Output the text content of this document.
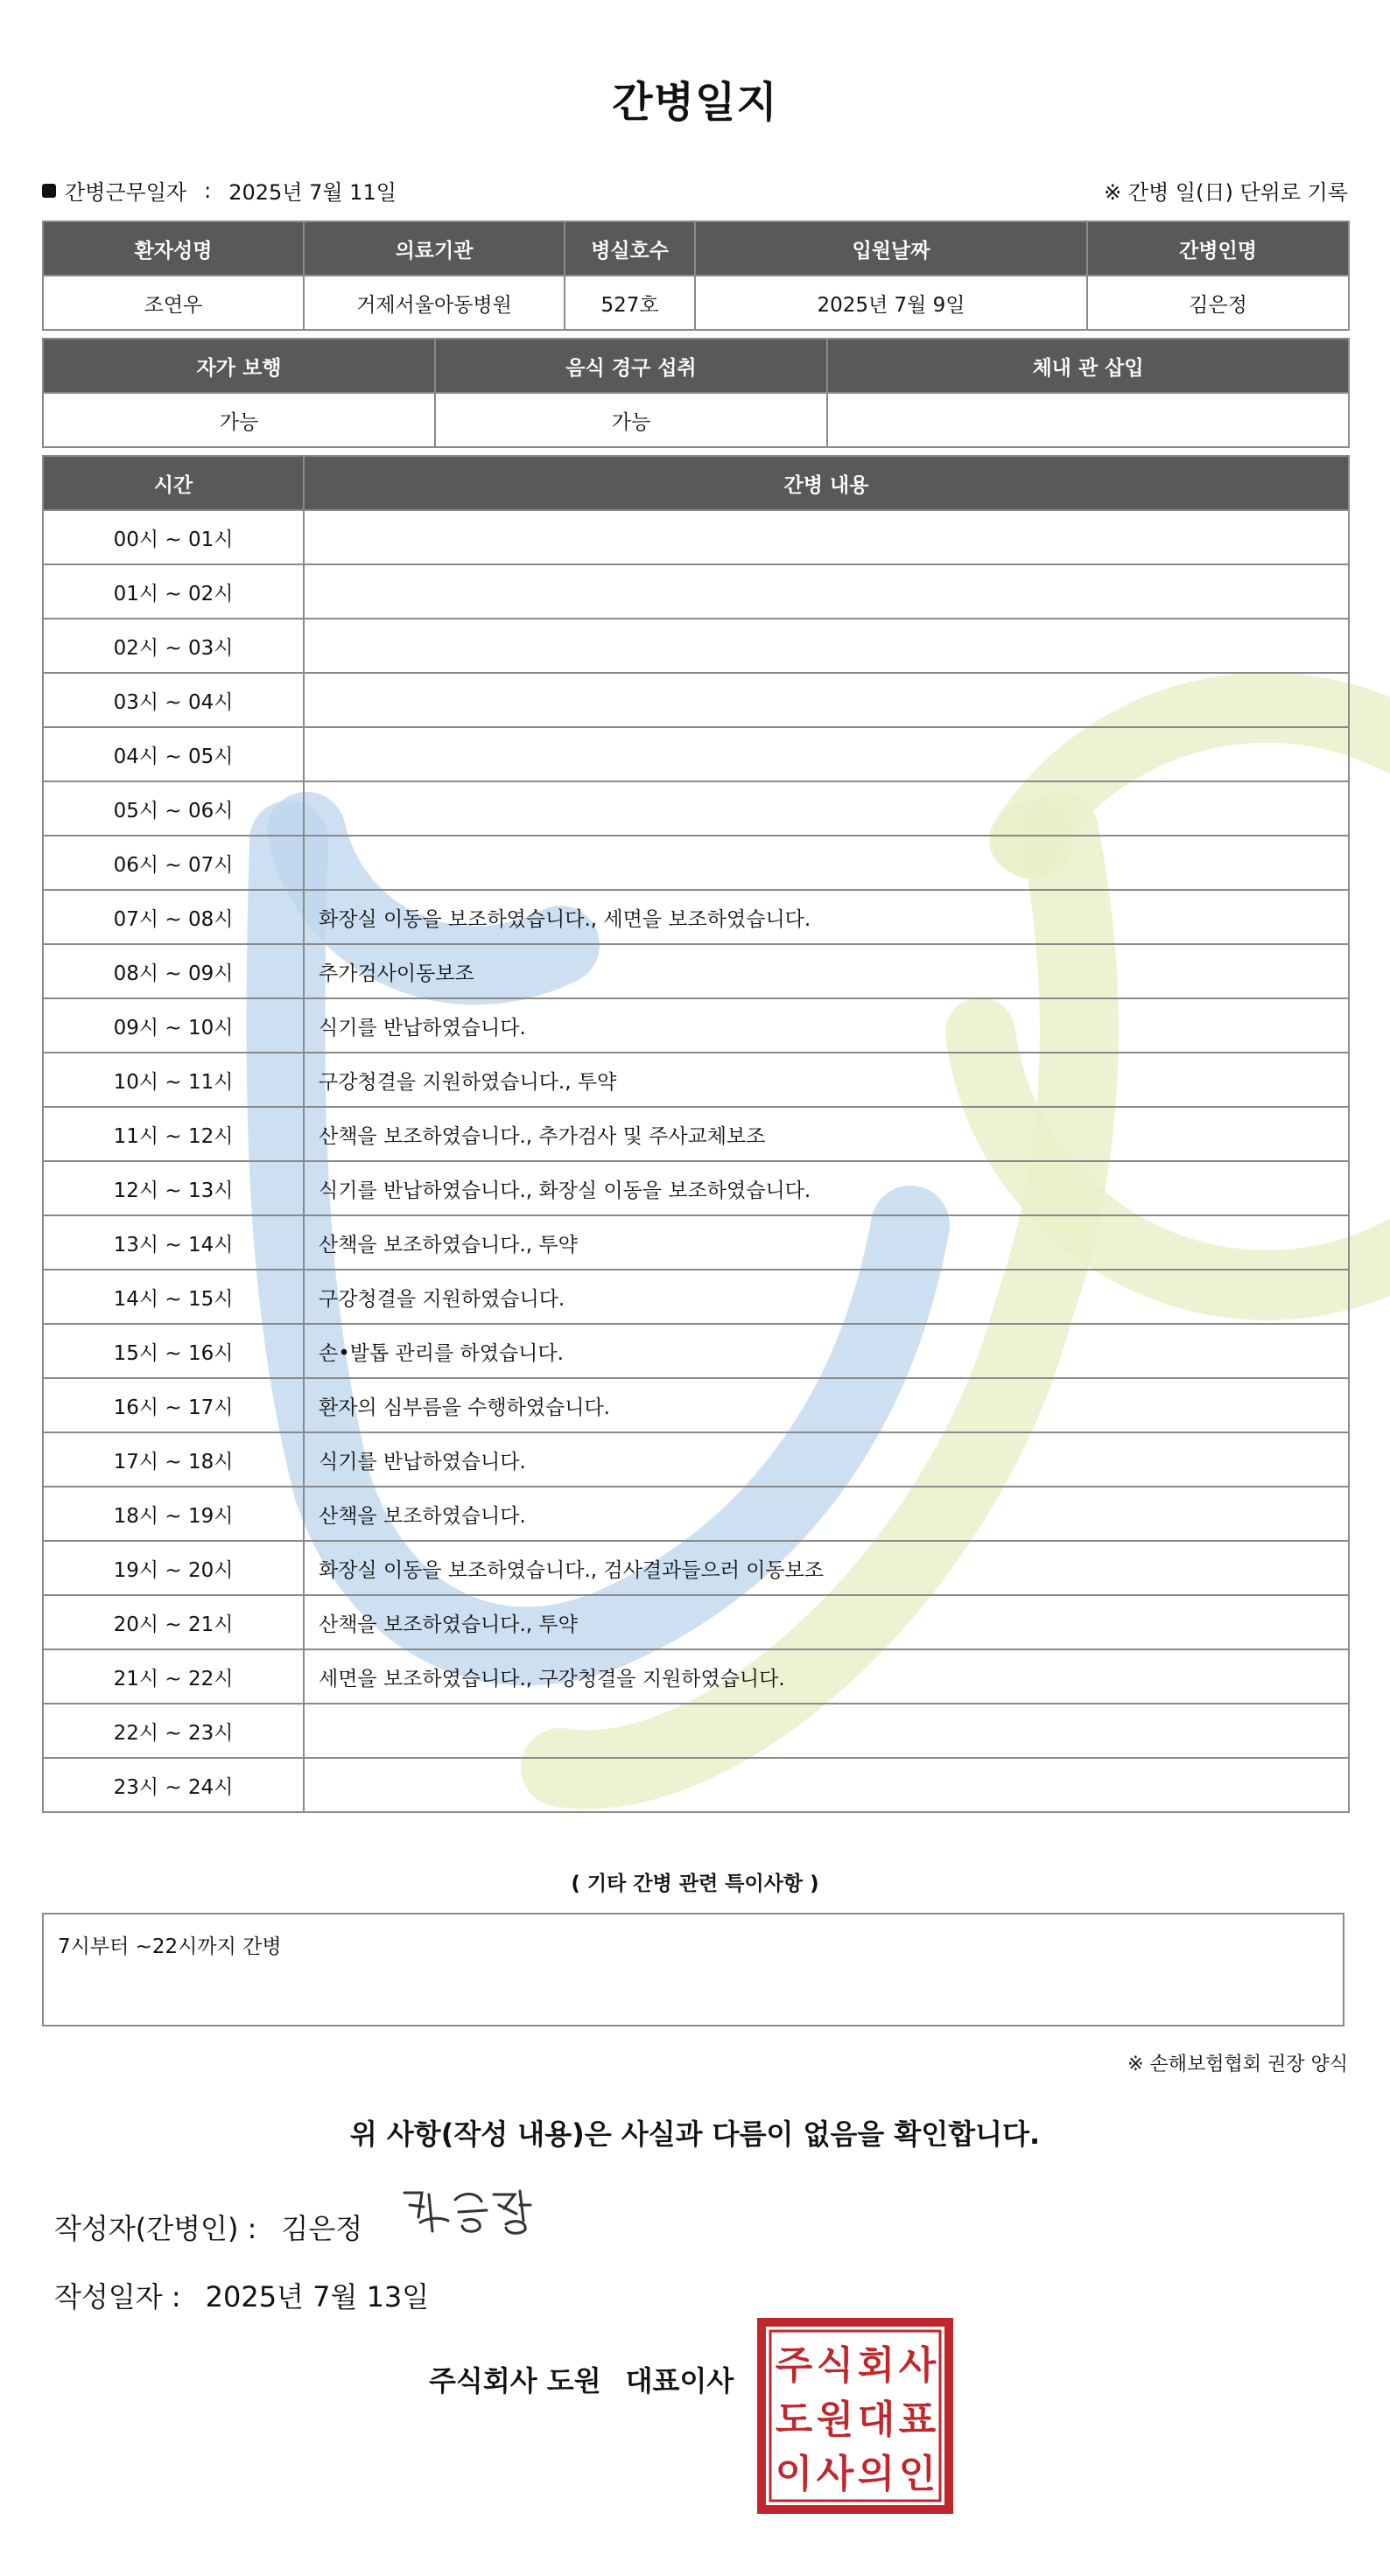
간병일지
간병근무일자 : 2025년 7월 11일	※ 간병 일(日) 단위로 기록
환자성명	의료기관	병실호수	입원날짜	간병인명
조연우	거제서울아동병원	527호	2025년 7월 9일	김은정
자가 보행	음식 경구 섭취	체내 관 삽입
가능	가능	
시간	간병 내용
00시 ~ 01시	
01시 ~ 02시	
02시 ~ 03시	
03시 ~ 04시	
04시 ~ 05시	
05시 ~ 06시	
06시 ~ 07시	
07시 ~ 08시	화장실 이동을 보조하였습니다., 세면을 보조하였습니다.
08시 ~ 09시	추가검사이동보조
09시 ~ 10시	식기를 반납하였습니다.
10시 ~ 11시	구강청결을 지원하였습니다., 투약
11시 ~ 12시	산책을 보조하였습니다., 추가검사 및 주사교체보조
12시 ~ 13시	식기를 반납하였습니다., 화장실 이동을 보조하였습니다.
13시 ~ 14시	산책을 보조하였습니다., 투약
14시 ~ 15시	구강청결을 지원하였습니다.
15시 ~ 16시	손•발톱 관리를 하였습니다.
16시 ~ 17시	환자의 심부름을 수행하였습니다.
17시 ~ 18시	식기를 반납하였습니다.
18시 ~ 19시	산책을 보조하였습니다.
19시 ~ 20시	화장실 이동을 보조하였습니다., 검사결과들으러 이동보조
20시 ~ 21시	산책을 보조하였습니다., 투약
21시 ~ 22시	세면을 보조하였습니다., 구강청결을 지원하였습니다.
22시 ~ 23시	
23시 ~ 24시	
( 기타 간병 관련 특이사항 )
7시부터 ~22시까지 간병
※ 손해보험협회 권장 양식
위 사항(작성 내용)은 사실과 다름이 없음을 확인합니다.
작성자(간병인) : 김은정
작성일자 : 2025년 7월 13일
주식회사 도원 대표이사 주 식 회 사
도 원 대 표
이 사 의 인
